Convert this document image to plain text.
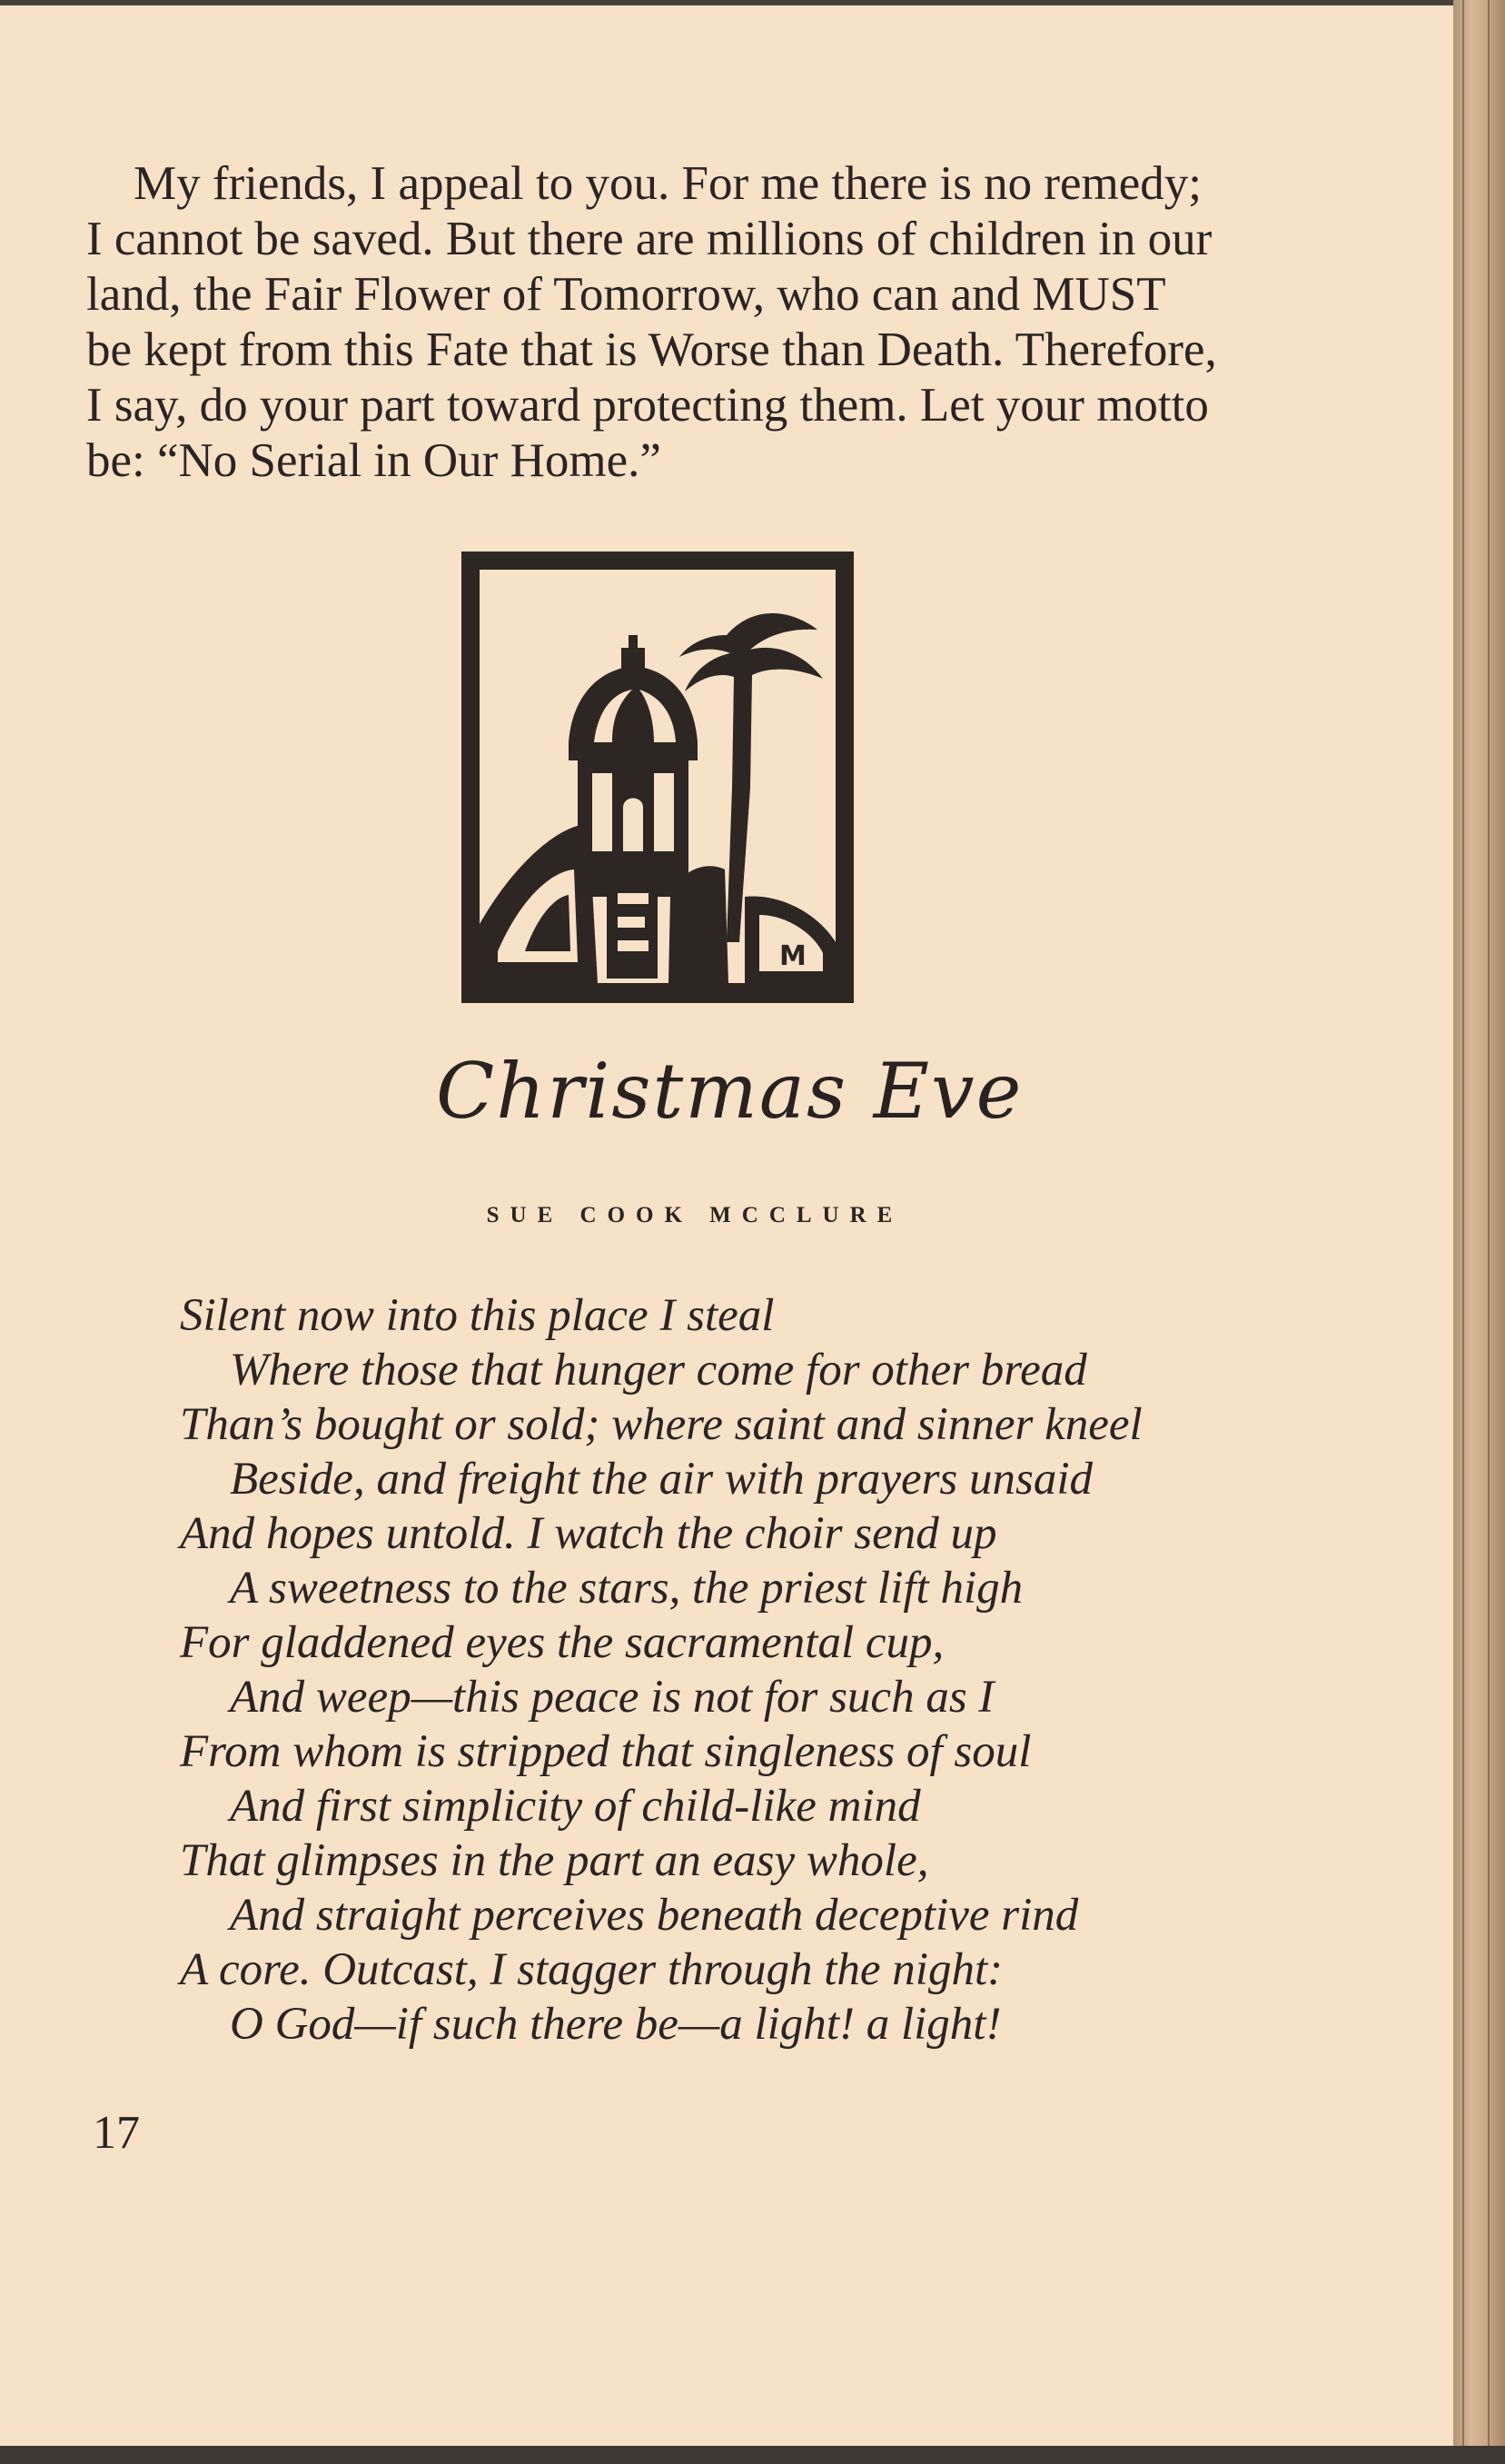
My friends, I appeal to you. For me there is no remedy;
I cannot be saved. But there are millions of children in our
land, the Fair Flower of Tomorrow, who can and MUST
be kept from this Fate that is Worse than Death. Therefore,
I say, do your part toward protecting them. Let your motto
be: “No Serial in Our Home.”
M
Christmas Eve
SUE COOK MCCLURE
Silent now into this place I steal
Where those that hunger come for other bread
Than’s bought or sold; where saint and sinner kneel
Beside, and freight the air with prayers unsaid
And hopes untold. I watch the choir send up
A sweetness to the stars, the priest lift high
For gladdened eyes the sacramental cup,
And weep—this peace is not for such as I
From whom is stripped that singleness of soul
And first simplicity of child-like mind
That glimpses in the part an easy whole,
And straight perceives beneath deceptive rind
A core. Outcast, I stagger through the night:
O God—if such there be—a light! a light!
17
